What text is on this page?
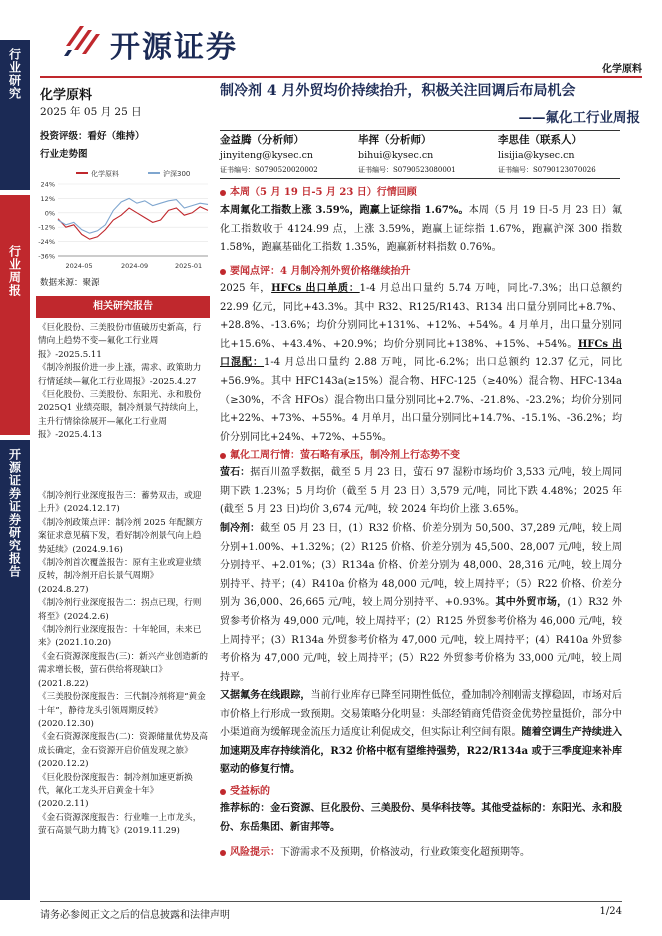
开源证券
化学原料
行业研究
行业周报
开源证券证券研究报告
化学原料
2025 年 05 月 25 日
投资评级：看好（维持）
行业走势图
化学原料	沪深300
24%
12%
0%
-12%
-24%
-36%
2024-05	2024-09	2025-01
数据来源：聚源
相关研究报告
《巨化股份、三美股份市值破历史新高，行情向上趋势不变—氟化工行业周报》-2025.5.11
《制冷剂报价进一步上涨，需求、政策助力行情延续—氟化工行业周报》-2025.4.27
《巨化股份、三美股份、东阳光、永和股份 2025Q1 业绩亮眼，制冷剂景气持续向上，主升行情徐徐展开—氟化工行业周报》-2025.4.13
《制冷剂行业深度报告三：蓄势双击，或迎上升》(2024.12.17)
《制冷剂政策点评：制冷剂 2025 年配额方案征求意见稿下发，看好制冷剂景气向上趋势延续》(2024.9.16)
《制冷剂首次覆盖报告：原有主业或迎业绩反转，制冷剂开启长景气周期》(2024.8.27)
《制冷剂行业深度报告二：拐点已现，行则将至》(2024.2.6)
《制冷剂行业深度报告：十年轮回，未来已来》(2021.10.20)
《金石资源深度报告(三)：新兴产业创造新的需求增长极，萤石供给将现缺口》(2021.8.22)
《三美股份深度报告：三代制冷剂将迎“黄金十年”，静待龙头引领周期反转》(2020.12.30)
《金石资源深度报告(二)：资源储量优势及高成长确定，金石资源开启价值发现之旅》(2020.12.2)
《巨化股份深度报告：制冷剂加速更新换代，氟化工龙头开启黄金十年》(2020.2.11)
《金石资源深度报告：行业唯一上市龙头，萤石高景气助力腾飞》(2019.11.29)
制冷剂 4 月外贸均价持续抬升，积极关注回调后布局机会
——氟化工行业周报
金益腾（分析师）
jinyiteng@kysec.cn
证书编号：S0790520020002
毕挥（分析师）
bihui@kysec.cn
证书编号：S0790523080001
李思佳（联系人）
lisijia@kysec.cn
证书编号：S0790123070026
本周（5 月 19 日-5 月 23 日）行情回顾
本周氟化工指数上涨 3.59%，跑赢上证综指 1.67%。本周（5 月 19 日-5 月 23 日）氟化工指数收于 4124.99 点，上涨 3.59%，跑赢上证综指 1.67%，跑赢沪深 300 指数 1.58%，跑赢基础化工指数 1.35%，跑赢新材料指数 0.76%。
要闻点评：4 月制冷剂外贸价格继续抬升
2025 年，HFCs 出口单质：1-4 月总出口量约 5.74 万吨，同比-7.3%；出口总额约 22.99 亿元，同比+43.3%。其中 R32、R125/R143、R134 出口量分别同比+8.7%、+28.8%、-13.6%；均价分别同比+131%、+12%、+54%。4 月单月，出口量分别同比+15.6%、+43.4%、+20.9%；均价分别同比+138%、+15%、+54%。HFCs 出口混配：1-4 月总出口量约 2.88 万吨，同比-6.2%；出口总额约 12.37 亿元，同比+56.9%。其中 HFC143a(≥15%）混合物、HFC-125（≥40%）混合物、HFC-134a（≥30%，不含 HFOs）混合物出口量分别同比+2.7%、-21.8%、-23.2%；均价分别同比+22%、+73%、+55%。4 月单月，出口量分别同比+14.7%、-15.1%、-36.2%；均价分别同比+24%、+72%、+55%。
氟化工周行情：萤石略有承压，制冷剂上行态势不变
萤石：据百川盈孚数据，截至 5 月 23 日，萤石 97 湿粉市场均价 3,533 元/吨，较上周同期下跌 1.23%；5 月均价（截至 5 月 23 日）3,579 元/吨，同比下跌 4.48%；2025 年(截至 5 月 23 日)均价 3,674 元/吨，较 2024 年均价上涨 3.65%。
制冷剂：截至 05 月 23 日，(1）R32 价格、价差分别为 50,500、37,289 元/吨，较上周分别+1.00%、+1.32%；(2）R125 价格、价差分别为 45,500、28,007 元/吨，较上周分别持平、+2.01%；(3）R134a 价格、价差分别为 48,000、28,316 元/吨，较上周分别持平、持平；(4）R410a 价格为 48,000 元/吨，较上周持平；（5）R22 价格、价差分别为 36,000、26,665 元/吨，较上周分别持平、+0.93%。其中外贸市场，(1）R32 外贸参考价格为 49,000 元/吨，较上周持平；(2）R125 外贸参考价格为 46,000 元/吨，较上周持平；(3）R134a 外贸参考价格为 47,000 元/吨，较上周持平；(4）R410a 外贸参考价格为 47,000 元/吨，较上周持平；(5）R22 外贸参考价格为 33,000 元/吨，较上周持平。
又据氟务在线跟踪，当前行业库存已降至同期性低位，叠加制冷剂刚需支撑稳固，市场对后市价格上行形成一致预期。交易策略分化明显：头部经销商凭借资金优势控量挺价，部分中小渠道商为缓解现金流压力适度让利促成交，但实际让利空间有限。随着空调生产持续进入加速期及库存持续消化，R32 价格中枢有望维持强势，R22/R134a 或于三季度迎来补库驱动的修复行情。
受益标的
推荐标的：金石资源、巨化股份、三美股份、昊华科技等。其他受益标的：东阳光、永和股份、东岳集团、新宙邦等。
风险提示：下游需求不及预期，价格波动，行业政策变化超预期等。
请务必参阅正文之后的信息披露和法律声明	1/24
